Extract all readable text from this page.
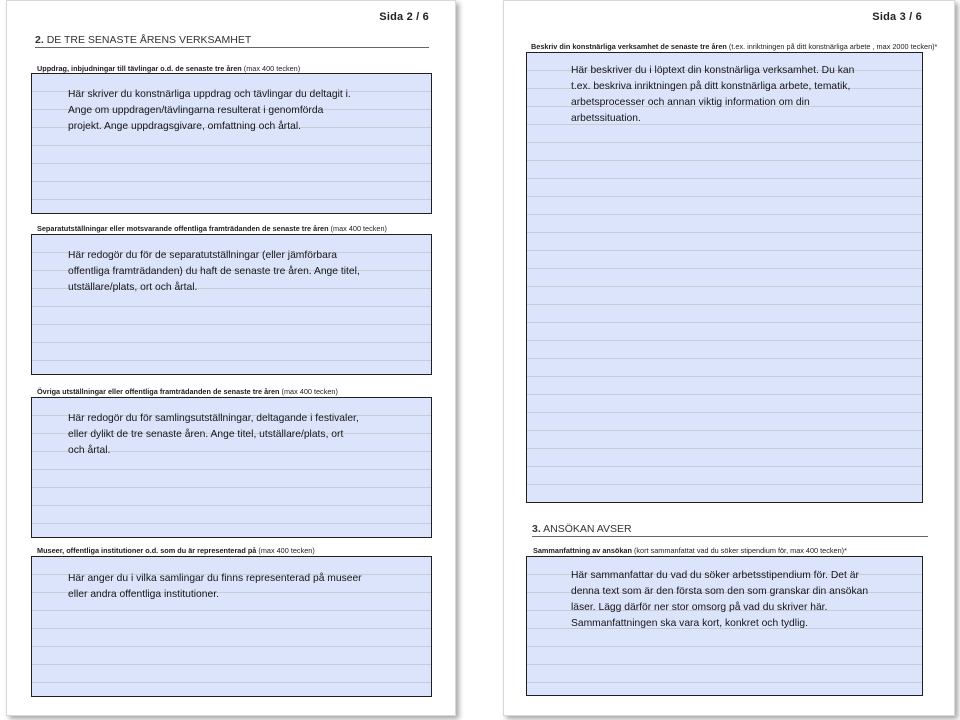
Sida 2 / 6
2. DE TRE SENASTE ÅRENS VERKSAMHET
Uppdrag, inbjudningar till tävlingar o.d. de senaste tre åren (max 400 tecken)
Här skriver du konstnärliga uppdrag och tävlingar du deltagit i.
Ange om uppdragen/tävlingarna resulterat i genomförda
projekt. Ange uppdragsgivare, omfattning och årtal.
Separatutställningar eller motsvarande offentliga framträdanden de senaste tre åren (max 400 tecken)
Här redogör du för de separatutställningar (eller jämförbara
offentliga framträdanden) du haft de senaste tre åren. Ange titel,
utställare/plats, ort och årtal.
Övriga utställningar eller offentliga framträdanden de senaste tre åren (max 400 tecken)
Här redogör du för samlingsutställningar, deltagande i festivaler,
eller dylikt de tre senaste åren. Ange titel, utställare/plats, ort
och årtal.
Museer, offentliga institutioner o.d. som du är representerad på (max 400 tecken)
Här anger du i vilka samlingar du finns representerad på museer
eller andra offentliga institutioner.
Sida 3 / 6
Beskriv din konstnärliga verksamhet de senaste tre åren (t.ex. inriktningen på ditt konstnärliga arbete , max 2000 tecken)*
Här beskriver du i löptext din konstnärliga verksamhet. Du kan
t.ex. beskriva inriktningen på ditt konstnärliga arbete, tematik,
arbetsprocesser och annan viktig information om din
arbetssituation.
3. ANSÖKAN AVSER
Sammanfattning av ansökan (kort sammanfattat vad du söker stipendium för, max 400 tecken)*
Här sammanfattar du vad du söker arbetsstipendium för. Det är
denna text som är den första som den som granskar din ansökan
läser. Lägg därför ner stor omsorg på vad du skriver här.
Sammanfattningen ska vara kort, konkret och tydlig.
